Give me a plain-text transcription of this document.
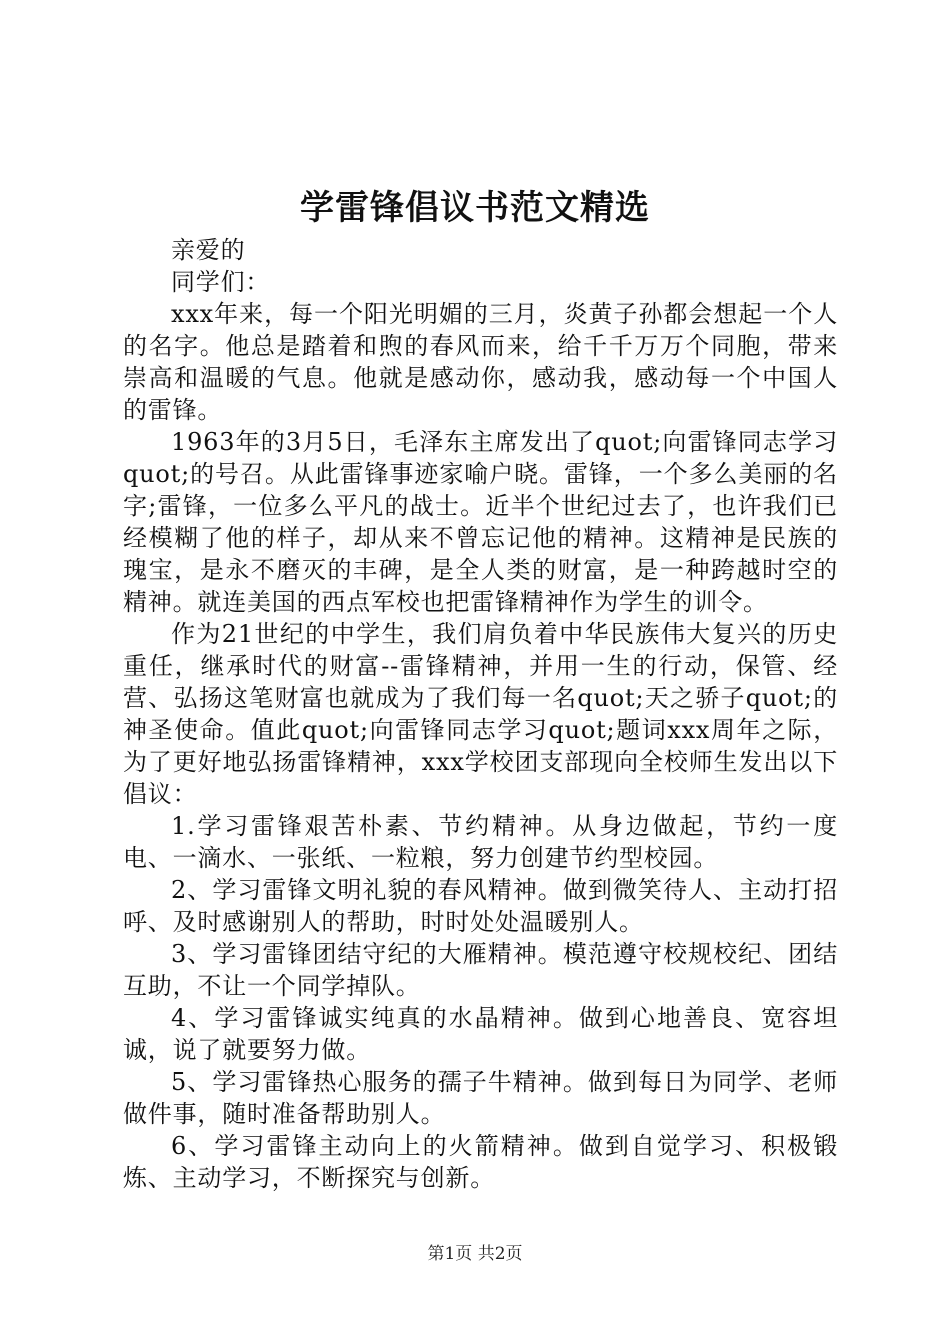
学雷锋倡议书范文精选

亲爱的

同学们：

xxx年来，每一个阳光明媚的三月，炎黄子孙都会想起一个人的名字。他总是踏着和煦的春风而来，给千千万万个同胞，带来崇高和温暖的气息。他就是感动你，感动我，感动每一个中国人的雷锋。

1963年的3月5日，毛泽东主席发出了quot;向雷锋同志学习quot;的号召。从此雷锋事迹家喻户晓。雷锋，一个多么美丽的名字;雷锋，一位多么平凡的战士。近半个世纪过去了，也许我们已经模糊了他的样子，却从来不曾忘记他的精神。这精神是民族的瑰宝，是永不磨灭的丰碑，是全人类的财富，是一种跨越时空的精神。就连美国的西点军校也把雷锋精神作为学生的训令。

作为21世纪的中学生，我们肩负着中华民族伟大复兴的历史重任，继承时代的财富--雷锋精神，并用一生的行动，保管、经营、弘扬这笔财富也就成为了我们每一名quot;天之骄子quot;的神圣使命。值此quot;向雷锋同志学习quot;题词xxx周年之际，为了更好地弘扬雷锋精神，xxx学校团支部现向全校师生发出以下倡议：

1.学习雷锋艰苦朴素、节约精神。从身边做起，节约一度电、一滴水、一张纸、一粒粮，努力创建节约型校园。

2、学习雷锋文明礼貌的春风精神。做到微笑待人、主动打招呼、及时感谢别人的帮助，时时处处温暖别人。

3、学习雷锋团结守纪的大雁精神。模范遵守校规校纪、团结互助，不让一个同学掉队。

4、学习雷锋诚实纯真的水晶精神。做到心地善良、宽容坦诚，说了就要努力做。

5、学习雷锋热心服务的孺子牛精神。做到每日为同学、老师做件事，随时准备帮助别人。

6、学习雷锋主动向上的火箭精神。做到自觉学习、积极锻炼、主动学习，不断探究与创新。

第1页 共2页
